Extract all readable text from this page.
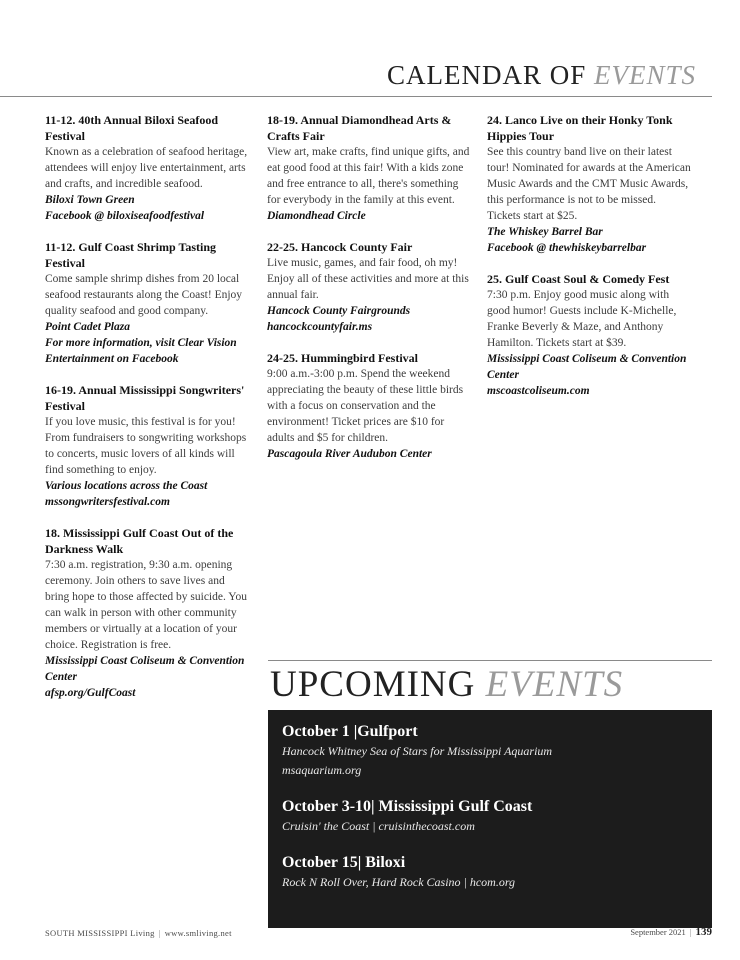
CALENDAR OF EVENTS
11-12. 40th Annual Biloxi Seafood Festival
Known as a celebration of seafood heritage, attendees will enjoy live entertainment, arts and crafts, and incredible seafood.
Biloxi Town Green
Facebook @ biloxiseafoodfestival
11-12. Gulf Coast Shrimp Tasting Festival
Come sample shrimp dishes from 20 local seafood restaurants along the Coast! Enjoy quality seafood and good company.
Point Cadet Plaza
For more information, visit Clear Vision Entertainment on Facebook
16-19. Annual Mississippi Songwriters' Festival
If you love music, this festival is for you! From fundraisers to songwriting workshops to concerts, music lovers of all kinds will find something to enjoy.
Various locations across the Coast
mssongwritersfestival.com
18. Mississippi Gulf Coast Out of the Darkness Walk
7:30 a.m. registration, 9:30 a.m. opening ceremony. Join others to save lives and bring hope to those affected by suicide. You can walk in person with other community members or virtually at a location of your choice. Registration is free.
Mississippi Coast Coliseum & Convention Center
afsp.org/GulfCoast
18-19. Annual Diamondhead Arts & Crafts Fair
View art, make crafts, find unique gifts, and eat good food at this fair! With a kids zone and free entrance to all, there's something for everybody in the family at this event.
Diamondhead Circle
22-25. Hancock County Fair
Live music, games, and fair food, oh my! Enjoy all of these activities and more at this annual fair.
Hancock County Fairgrounds
hancockcountyfair.ms
24-25. Hummingbird Festival
9:00 a.m.-3:00 p.m. Spend the weekend appreciating the beauty of these little birds with a focus on conservation and the environment! Ticket prices are $10 for adults and $5 for children.
Pascagoula River Audubon Center
24. Lanco Live on their Honky Tonk Hippies Tour
See this country band live on their latest tour! Nominated for awards at the American Music Awards and the CMT Music Awards, this performance is not to be missed. Tickets start at $25.
The Whiskey Barrel Bar
Facebook @ thewhiskeybarrelbar
25. Gulf Coast Soul & Comedy Fest
7:30 p.m. Enjoy good music along with good humor! Guests include K-Michelle, Franke Beverly & Maze, and Anthony Hamilton. Tickets start at $39.
Mississippi Coast Coliseum & Convention Center
mscoastcoliseum.com
UPCOMING EVENTS
October 1 |Gulfport
Hancock Whitney Sea of Stars for Mississippi Aquarium
msaquarium.org
October 3-10| Mississippi Gulf Coast
Cruisin' the Coast | cruisinthecoast.com
October 15| Biloxi
Rock N Roll Over, Hard Rock Casino | hcom.org
SOUTH MISSISSIPPI Living | www.smliving.net	September 2021 | 139
